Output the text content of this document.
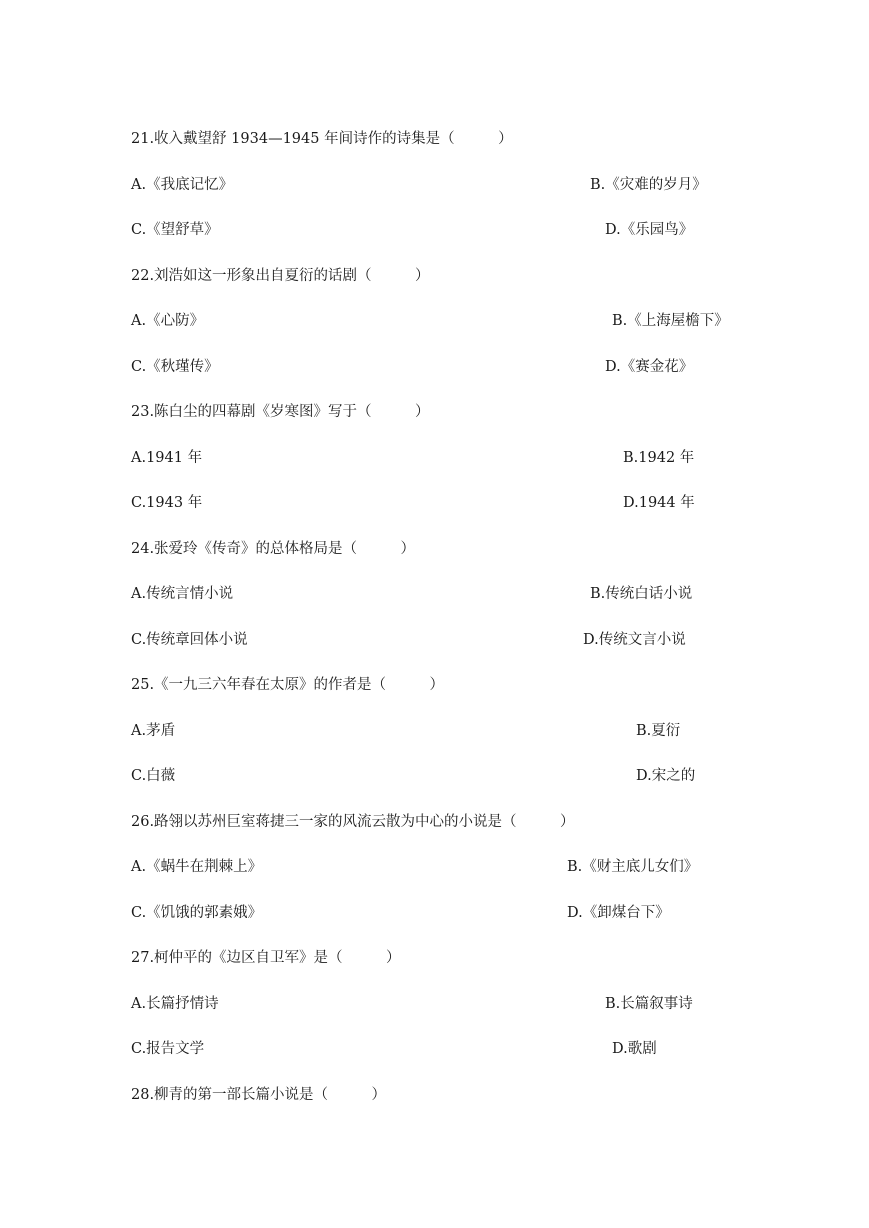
21.收入戴望舒 1934—1945 年间诗作的诗集是（　　　）
A.《我底记忆》	B.《灾难的岁月》
C.《望舒草》	D.《乐园鸟》
22.刘浩如这一形象出自夏衍的话剧（　　　）
A.《心防》	B.《上海屋檐下》
C.《秋瑾传》	D.《赛金花》
23.陈白尘的四幕剧《岁寒图》写于（　　　）
A.1941 年	B.1942 年
C.1943 年	D.1944 年
24.张爱玲《传奇》的总体格局是（　　　）
A.传统言情小说	B.传统白话小说
C.传统章回体小说	D.传统文言小说
25.《一九三六年春在太原》的作者是（　　　）
A.茅盾	B.夏衍
C.白薇	D.宋之的
26.路翎以苏州巨室蒋捷三一家的风流云散为中心的小说是（　　　）
A.《蜗牛在荆棘上》	B.《财主底儿女们》
C.《饥饿的郭素娥》	D.《卸煤台下》
27.柯仲平的《边区自卫军》是（　　　）
A.长篇抒情诗	B.长篇叙事诗
C.报告文学	D.歌剧
28.柳青的第一部长篇小说是（　　　）
